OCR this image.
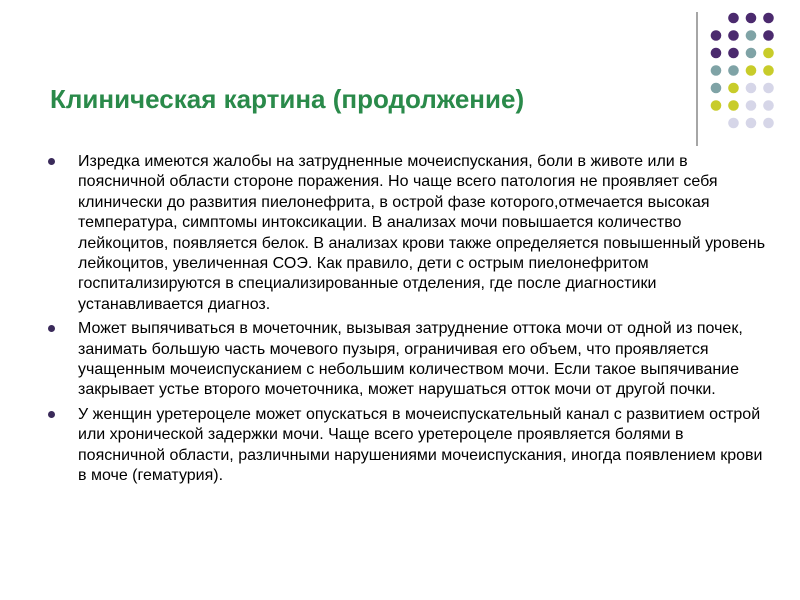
Клиническая картина (продолжение)
Изредка имеются жалобы на затрудненные мочеиспускания, боли в животе или в поясничной области стороне поражения. Но чаще всего патология не проявляет себя клинически до развития пиелонефрита, в острой фазе которого,отмечается высокая температура, симптомы интоксикации. В анализах мочи повышается количество лейкоцитов, появляется белок. В анализах крови также определяется повышенный уровень лейкоцитов, увеличенная СОЭ. Как правило, дети с острым пиелонефритом госпитализируются в специализированные отделения, где после диагностики устанавливается диагноз.
Может выпячиваться в мочеточник, вызывая затруднение оттока мочи от одной из почек, занимать большую часть мочевого пузыря, ограничивая его объем, что проявляется учащенным мочеиспусканием с небольшим количеством мочи. Если такое выпячивание закрывает устье второго мочеточника, может нарушаться отток мочи от другой почки.
У женщин уретероцеле может опускаться в мочеиспускательный канал с развитием острой или хронической задержки мочи. Чаще всего уретероцеле проявляется болями в поясничной области, различными нарушениями мочеиспускания, иногда появлением крови в моче (гематурия).
